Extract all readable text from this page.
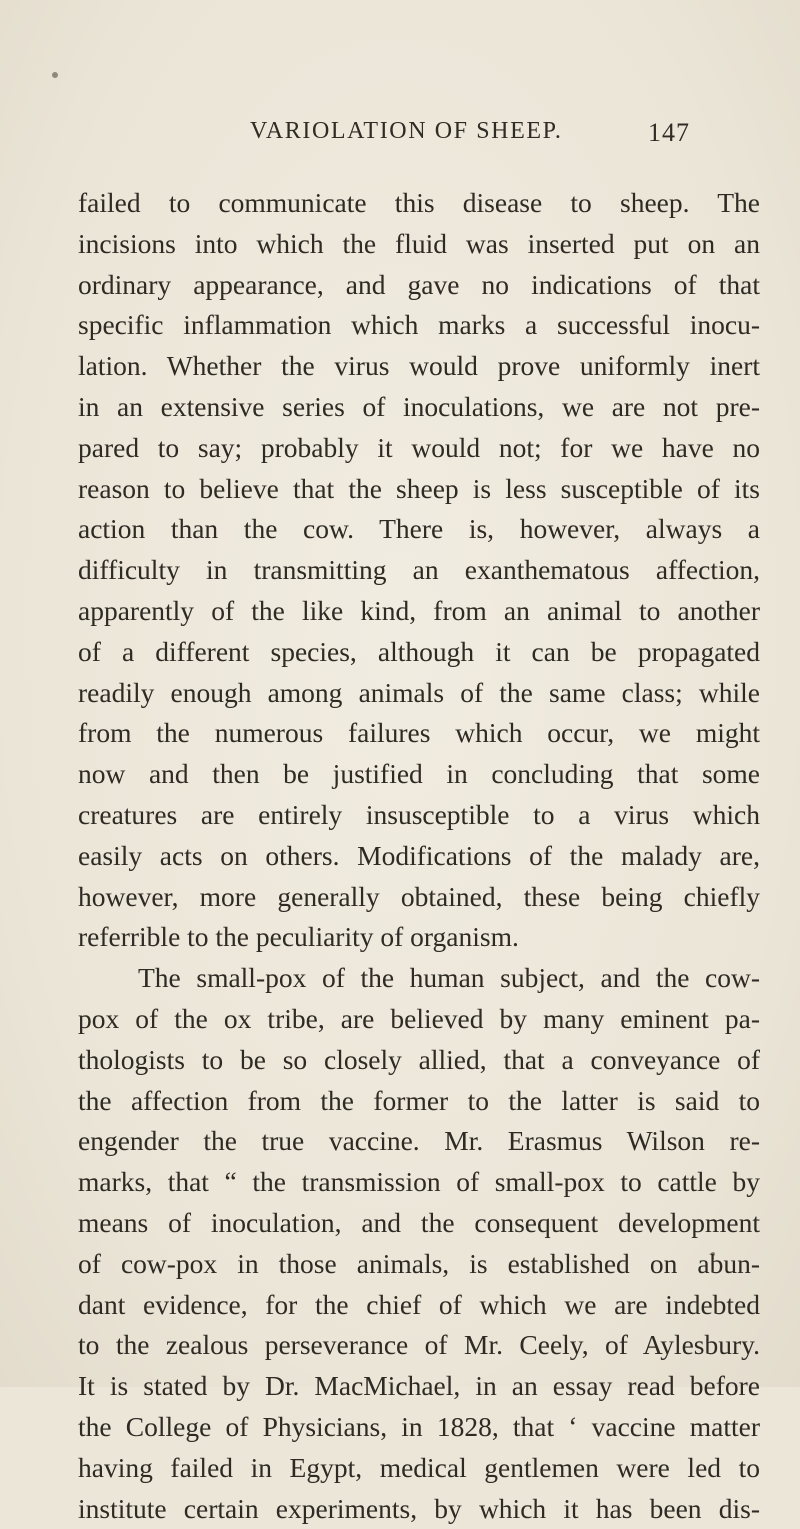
VARIOLATION OF SHEEP.	147
failed to communicate this disease to sheep. The
incisions into which the fluid was inserted put on an
ordinary appearance, and gave no indications of that
specific inflammation which marks a successful inocu-
lation. Whether the virus would prove uniformly inert
in an extensive series of inoculations, we are not pre-
pared to say; probably it would not; for we have no
reason to believe that the sheep is less susceptible of its
action than the cow. There is, however, always a
difficulty in transmitting an exanthematous affection,
apparently of the like kind, from an animal to another
of a different species, although it can be propagated
readily enough among animals of the same class; while
from the numerous failures which occur, we might
now and then be justified in concluding that some
creatures are entirely insusceptible to a virus which
easily acts on others. Modifications of the malady are,
however, more generally obtained, these being chiefly
referrible to the peculiarity of organism.
The small-pox of the human subject, and the cow-
pox of the ox tribe, are believed by many eminent pa-
thologists to be so closely allied, that a conveyance of
the affection from the former to the latter is said to
engender the true vaccine. Mr. Erasmus Wilson re-
marks, that “ the transmission of small-pox to cattle by
means of inoculation, and the consequent development
of cow-pox in those animals, is established on abun-
dant evidence, for the chief of which we are indebted
to the zealous perseverance of Mr. Ceely, of Aylesbury.
It is stated by Dr. MacMichael, in an essay read before
the College of Physicians, in 1828, that ‘ vaccine matter
having failed in Egypt, medical gentlemen were led to
institute certain experiments, by which it has been dis-
